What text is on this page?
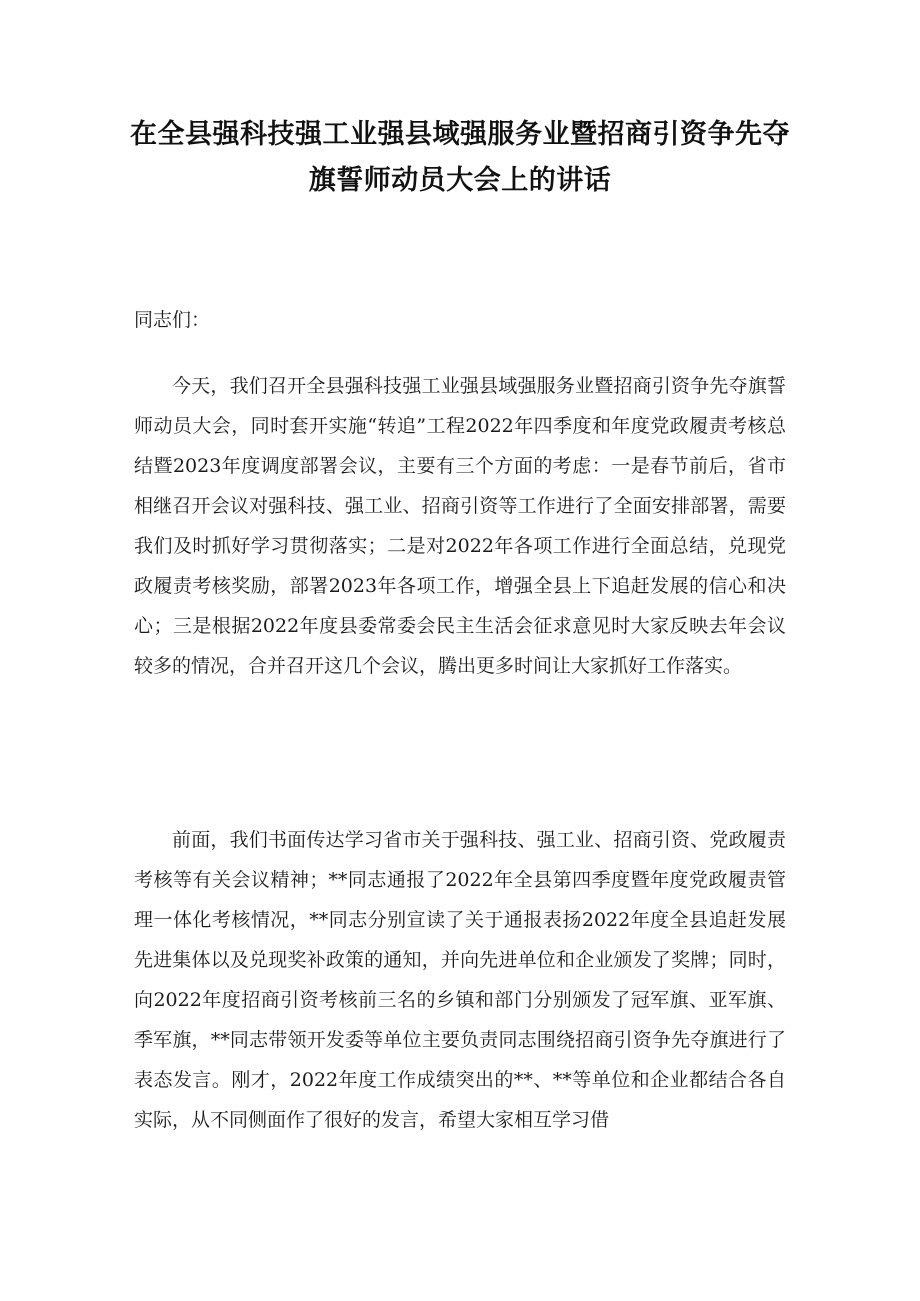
在全县强科技强工业强县域强服务业暨招商引资争先夺旗誓师动员大会上的讲话

同志们：

今天，我们召开全县强科技强工业强县域强服务业暨招商引资争先夺旗誓师动员大会，同时套开实施“转追”工程2022年四季度和年度党政履责考核总结暨2023年度调度部署会议，主要有三个方面的考虑：一是春节前后，省市相继召开会议对强科技、强工业、招商引资等工作进行了全面安排部署，需要我们及时抓好学习贯彻落实；二是对2022年各项工作进行全面总结，兑现党政履责考核奖励，部署2023年各项工作，增强全县上下追赶发展的信心和决心；三是根据2022年度县委常委会民主生活会征求意见时大家反映去年会议较多的情况，合并召开这几个会议，腾出更多时间让大家抓好工作落实。

前面，我们书面传达学习省市关于强科技、强工业、招商引资、党政履责考核等有关会议精神；**同志通报了2022年全县第四季度暨年度党政履责管理一体化考核情况，**同志分别宣读了关于通报表扬2022年度全县追赶发展先进集体以及兑现奖补政策的通知，并向先进单位和企业颁发了奖牌；同时，向2022年度招商引资考核前三名的乡镇和部门分别颁发了冠军旗、亚军旗、季军旗，**同志带领开发委等单位主要负责同志围绕招商引资争先夺旗进行了表态发言。刚才，2022年度工作成绩突出的**、**等单位和企业都结合各自实际，从不同侧面作了很好的发言，希望大家相互学习借
